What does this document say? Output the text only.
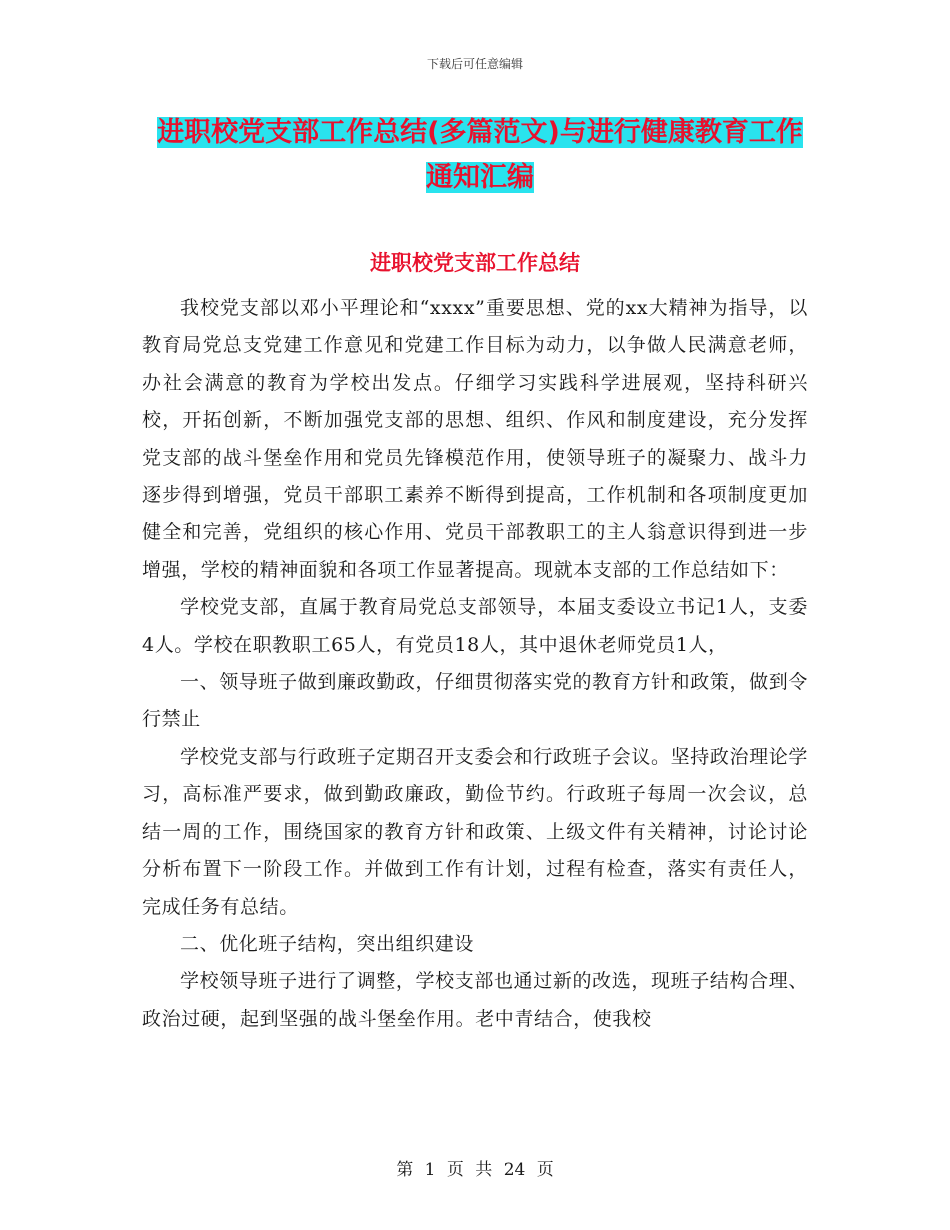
下载后可任意编辑
进职校党支部工作总结(多篇范文)与进行健康教育工作通知汇编
进职校党支部工作总结

我校党支部以邓小平理论和“xxxx”重要思想、党的xx大精神为指导，以教育局党总支党建工作意见和党建工作目标为动力，以争做人民满意老师，办社会满意的教育为学校出发点。仔细学习实践科学进展观，坚持科研兴校，开拓创新，不断加强党支部的思想、组织、作风和制度建设，充分发挥党支部的战斗堡垒作用和党员先锋模范作用，使领导班子的凝聚力、战斗力逐步得到增强，党员干部职工素养不断得到提高，工作机制和各项制度更加健全和完善，党组织的核心作用、党员干部教职工的主人翁意识得到进一步增强，学校的精神面貌和各项工作显著提高。现就本支部的工作总结如下：

学校党支部，直属于教育局党总支部领导，本届支委设立书记1人，支委4人。学校在职教职工65人，有党员18人，其中退休老师党员1人，

一、领导班子做到廉政勤政，仔细贯彻落实党的教育方针和政策，做到令行禁止

学校党支部与行政班子定期召开支委会和行政班子会议。坚持政治理论学习，高标准严要求，做到勤政廉政，勤俭节约。行政班子每周一次会议，总结一周的工作，围绕国家的教育方针和政策、上级文件有关精神，讨论讨论分析布置下一阶段工作。并做到工作有计划，过程有检查，落实有责任人，完成任务有总结。

二、优化班子结构，突出组织建设

学校领导班子进行了调整，学校支部也通过新的改选，现班子结构合理、政治过硬，起到坚强的战斗堡垒作用。老中青结合，使我校

第 1 页 共 24 页
